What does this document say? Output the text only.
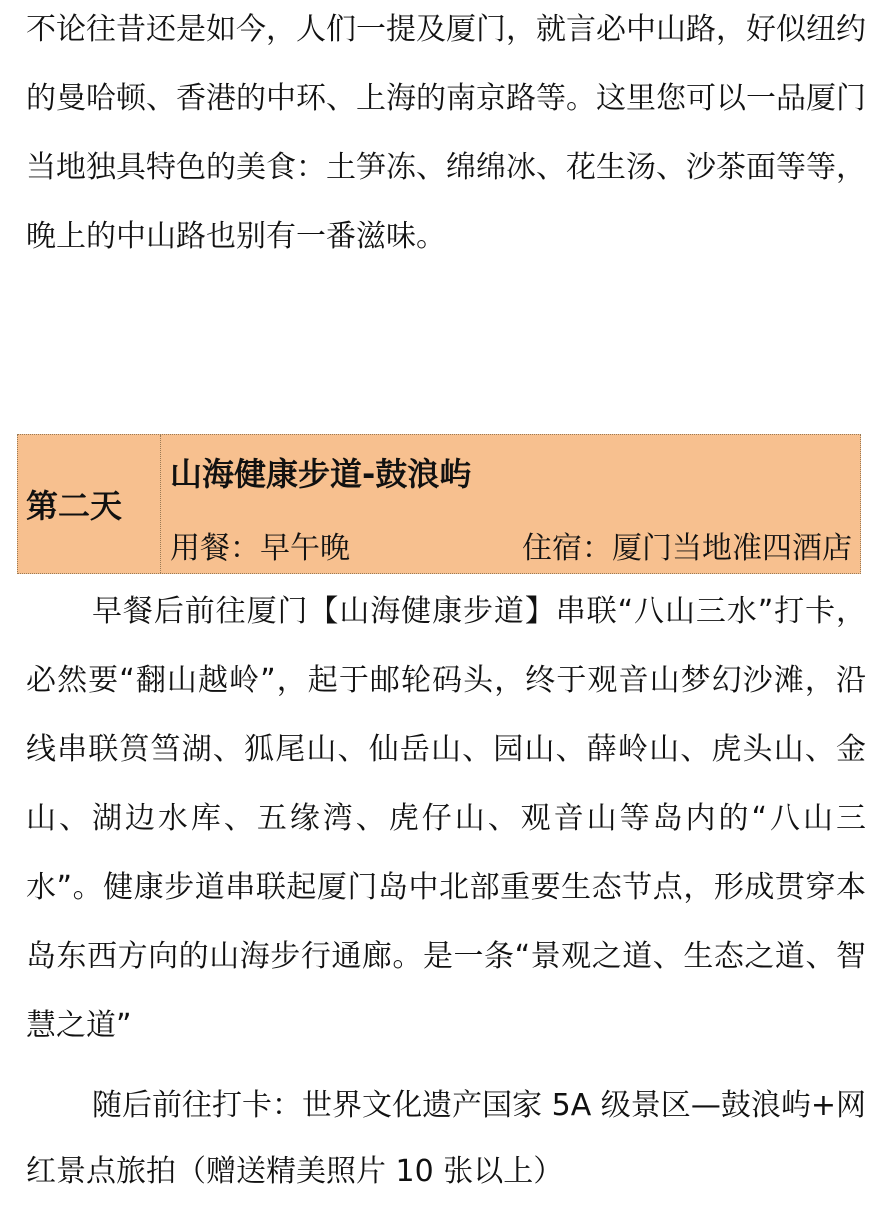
不论往昔还是如今，人们一提及厦门，就言必中山路，好似纽约的曼哈顿、香港的中环、上海的南京路等。这里您可以一品厦门当地独具特色的美食：土笋冻、绵绵冰、花生汤、沙茶面等等，晚上的中山路也别有一番滋味。

第二天
山海健康步道-鼓浪屿
用餐：早午晚	住宿：厦门当地准四酒店

早餐后前往厦门【山海健康步道】串联“八山三水”打卡，必然要“翻山越岭”，起于邮轮码头，终于观音山梦幻沙滩，沿线串联筼筜湖、狐尾山、仙岳山、园山、薛岭山、虎头山、金山、湖边水库、五缘湾、虎仔山、观音山等岛内的“八山三水”。健康步道串联起厦门岛中北部重要生态节点，形成贯穿本岛东西方向的山海步行通廊。是一条“景观之道、生态之道、智慧之道”

随后前往打卡：世界文化遗产国家 5A 级景区—鼓浪屿+网红景点旅拍（赠送精美照片 10 张以上）
